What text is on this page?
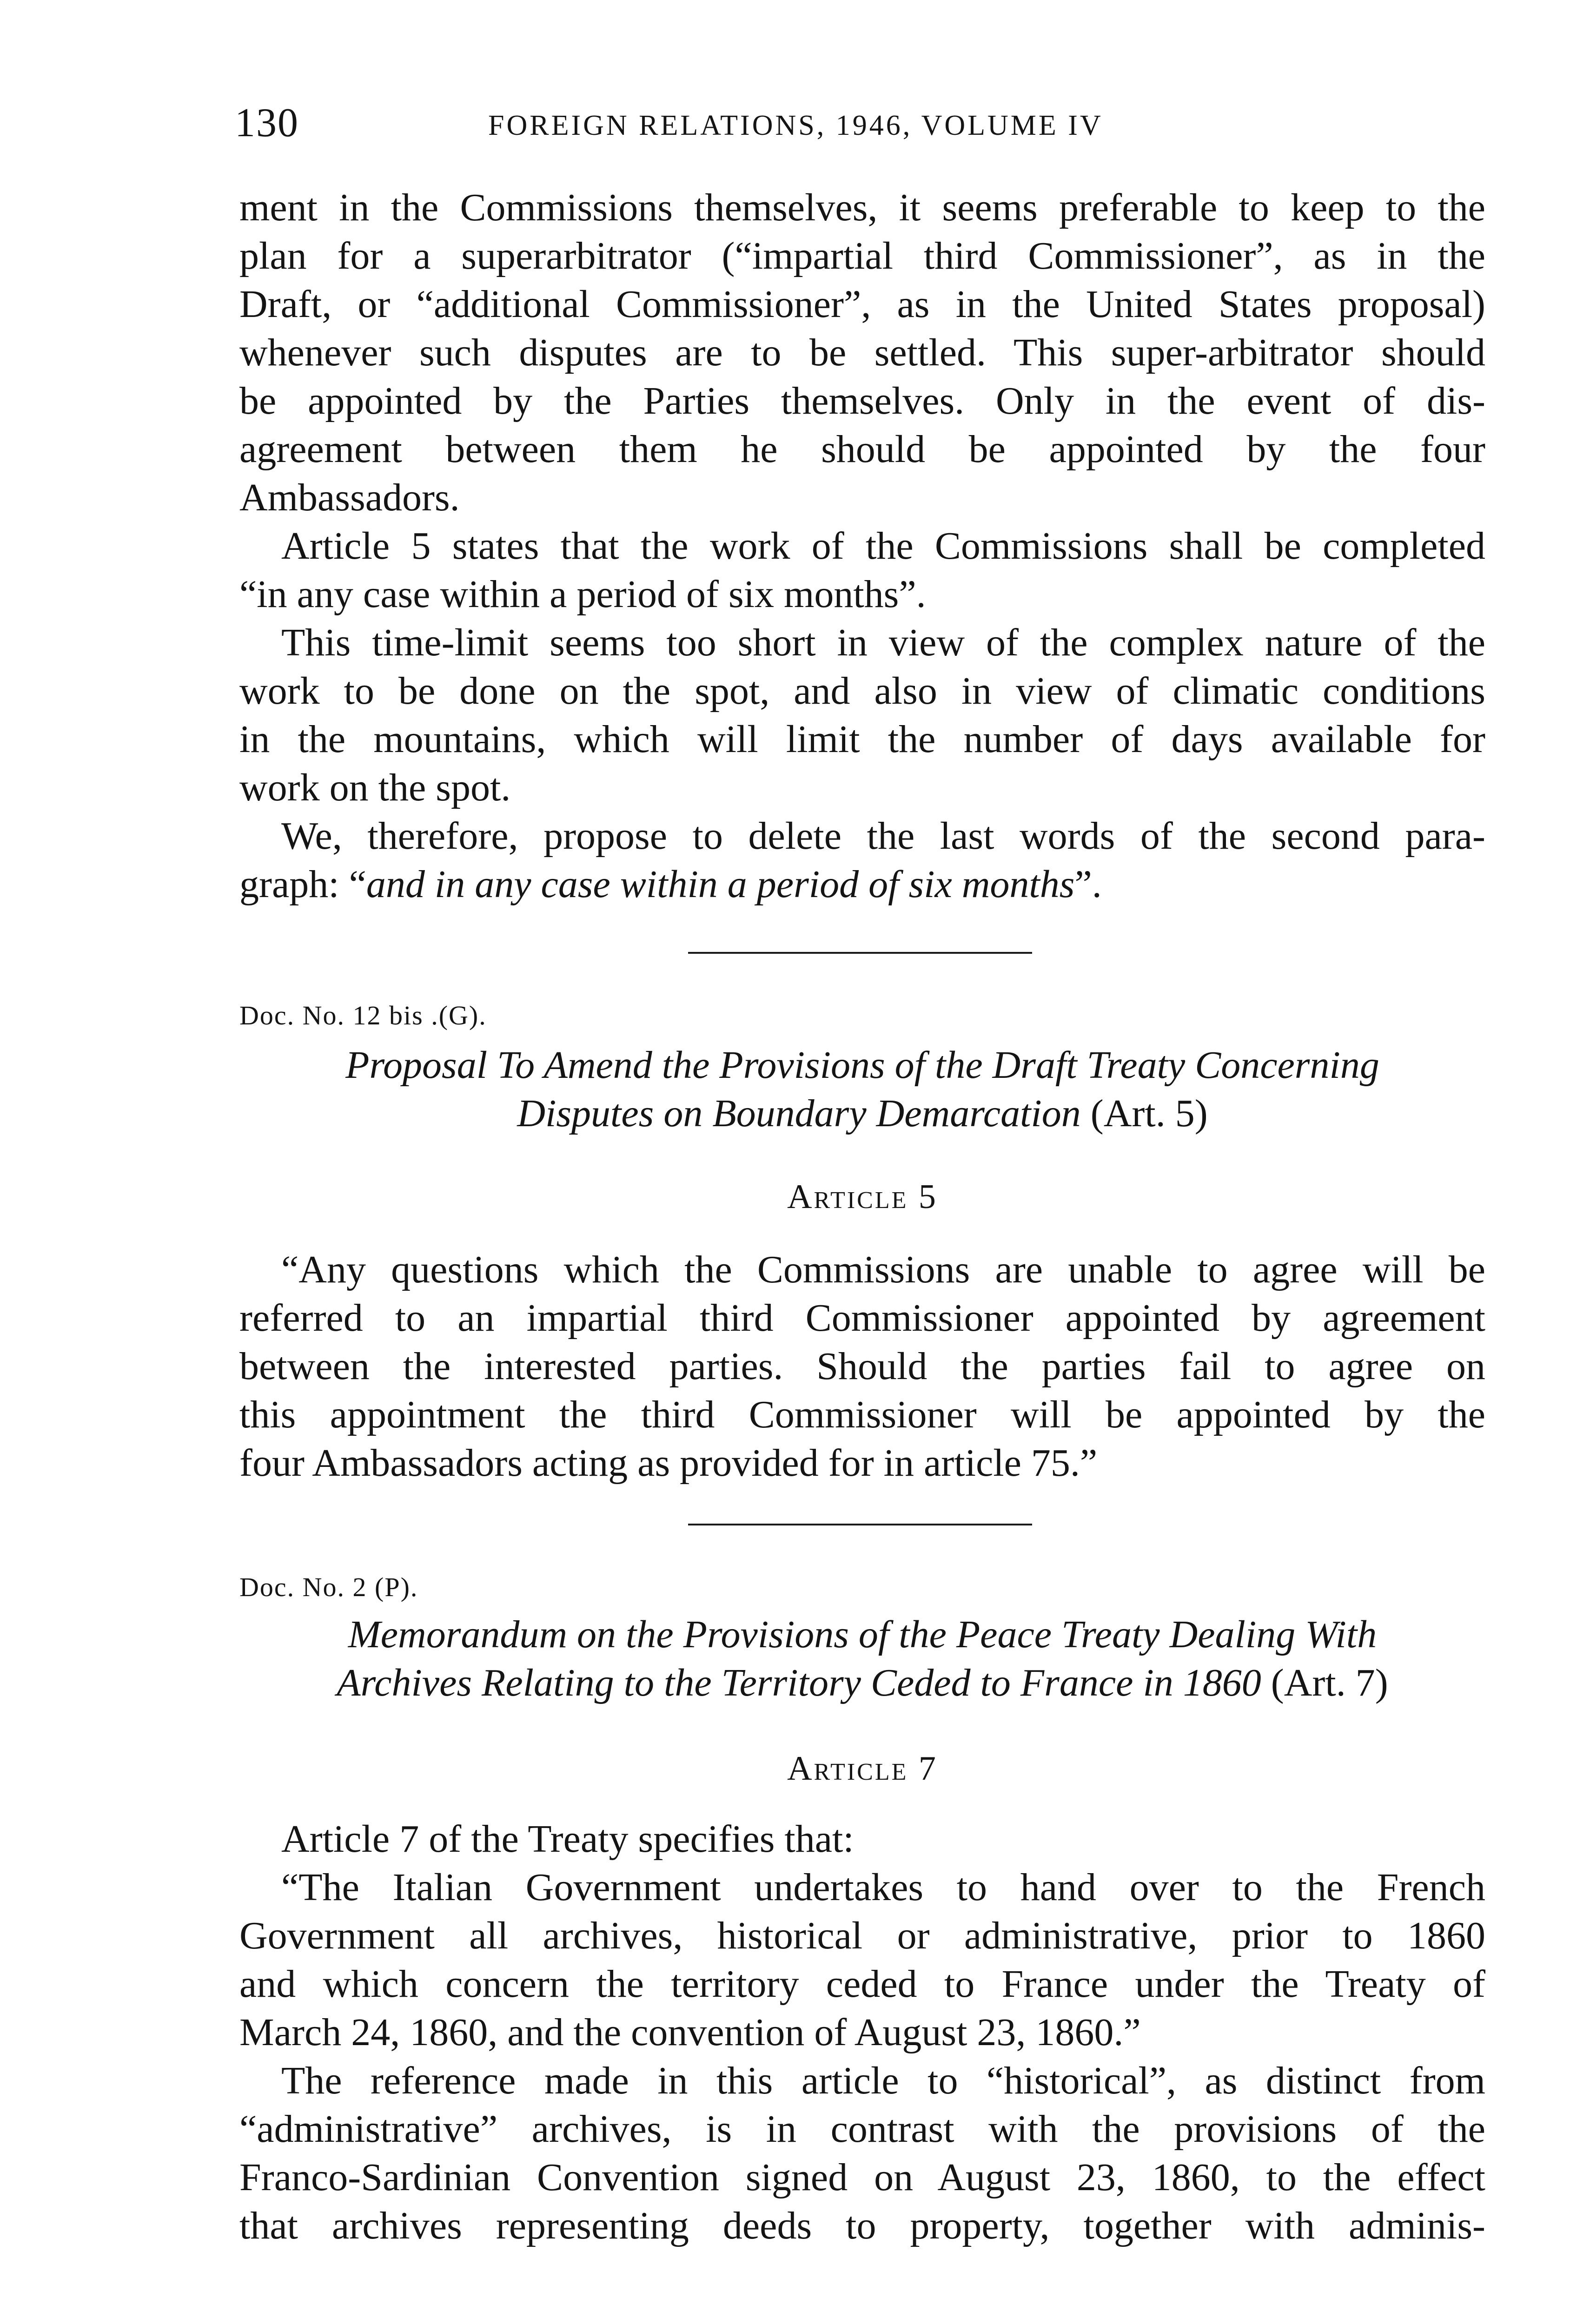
130	FOREIGN RELATIONS, 1946, VOLUME IV
ment in the Commissions themselves, it seems preferable to keep to the
plan for a superarbitrator (“impartial third Commissioner”, as in the
Draft, or “additional Commissioner”, as in the United States proposal)
whenever such disputes are to be settled. This super-arbitrator should
be appointed by the Parties themselves. Only in the event of dis-
agreement between them he should be appointed by the four
Ambassadors.
Article 5 states that the work of the Commissions shall be completed
“in any case within a period of six months”.
This time-limit seems too short in view of the complex nature of the
work to be done on the spot, and also in view of climatic conditions
in the mountains, which will limit the number of days available for
work on the spot.
We, therefore, propose to delete the last words of the second para-
graph: “and in any case within a period of six months”.
Doc. No. 12 bis .(G).
Proposal To Amend the Provisions of the Draft Treaty Concerning
Disputes on Boundary Demarcation (Art. 5)
Article 5
“Any questions which the Commissions are unable to agree will be
referred to an impartial third Commissioner appointed by agreement
between the interested parties. Should the parties fail to agree on
this appointment the third Commissioner will be appointed by the
four Ambassadors acting as provided for in article 75.”
Doc. No. 2 (P).
Memorandum on the Provisions of the Peace Treaty Dealing With
Archives Relating to the Territory Ceded to France in 1860 (Art. 7)
Article 7
Article 7 of the Treaty specifies that:
“The Italian Government undertakes to hand over to the French
Government all archives, historical or administrative, prior to 1860
and which concern the territory ceded to France under the Treaty of
March 24, 1860, and the convention of August 23, 1860.”
The reference made in this article to “historical”, as distinct from
“administrative” archives, is in contrast with the provisions of the
Franco-Sardinian Convention signed on August 23, 1860, to the effect
that archives representing deeds to property, together with adminis-
